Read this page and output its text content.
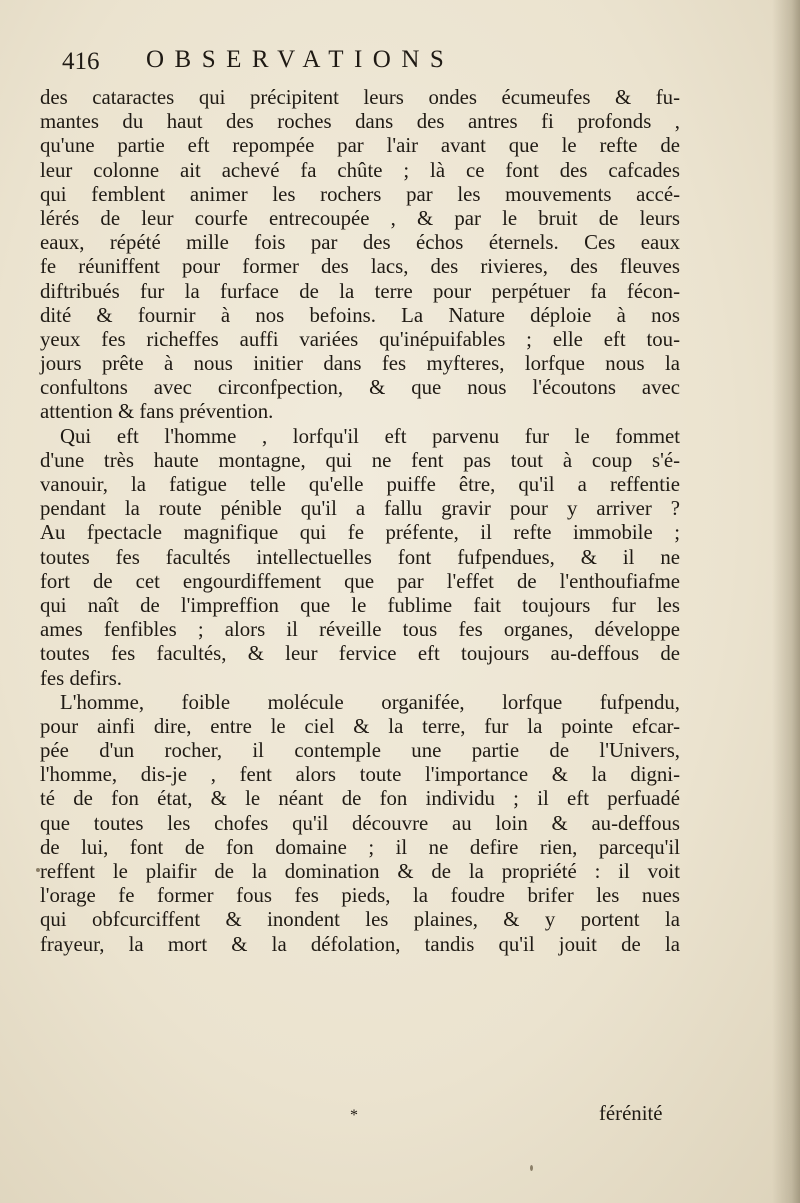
416 OBSERVATIONS
des cataractes qui précipitent leurs ondes écumeufes & fu-
mantes du haut des roches dans des antres fi profonds ,
qu'une partie eft repompée par l'air avant que le refte de
leur colonne ait achevé fa chûte ; là ce font des cafcades
qui femblent animer les rochers par les mouvements accé-
lérés de leur courfe entrecoupée , & par le bruit de leurs
eaux, répété mille fois par des échos éternels. Ces eaux
fe réuniffent pour former des lacs, des rivieres, des fleuves
diftribués fur la furface de la terre pour perpétuer fa fécon-
dité & fournir à nos befoins. La Nature déploie à nos
yeux fes richeffes auffi variées qu'inépuifables ; elle eft tou-
jours prête à nous initier dans fes myfteres, lorfque nous la
confultons avec circonfpection, & que nous l'écoutons avec
attention & fans prévention.
Qui eft l'homme , lorfqu'il eft parvenu fur le fommet
d'une très haute montagne, qui ne fent pas tout à coup s'é-
vanouir, la fatigue telle qu'elle puiffe être, qu'il a reffentie
pendant la route pénible qu'il a fallu gravir pour y arriver ?
Au fpectacle magnifique qui fe préfente, il refte immobile ;
toutes fes facultés intellectuelles font fufpendues, & il ne
fort de cet engourdiffement que par l'effet de l'enthoufiafme
qui naît de l'impreffion que le fublime fait toujours fur les
ames fenfibles ; alors il réveille tous fes organes, développe
toutes fes facultés, & leur fervice eft toujours au-deffous de
fes defirs.
L'homme, foible molécule organifée, lorfque fufpendu,
pour ainfi dire, entre le ciel & la terre, fur la pointe efcar-
pée d'un rocher, il contemple une partie de l'Univers,
l'homme, dis-je , fent alors toute l'importance & la digni-
té de fon état, & le néant de fon individu ; il eft perfuadé
que toutes les chofes qu'il découvre au loin & au-deffous
de lui, font de fon domaine ; il ne defire rien, parcequ'il
reffent le plaifir de la domination & de la propriété : il voit
l'orage fe former fous fes pieds, la foudre brifer les nues
qui obfcurciffent & inondent les plaines, & y portent la
frayeur, la mort & la défolation, tandis qu'il jouit de la
*	férénité
